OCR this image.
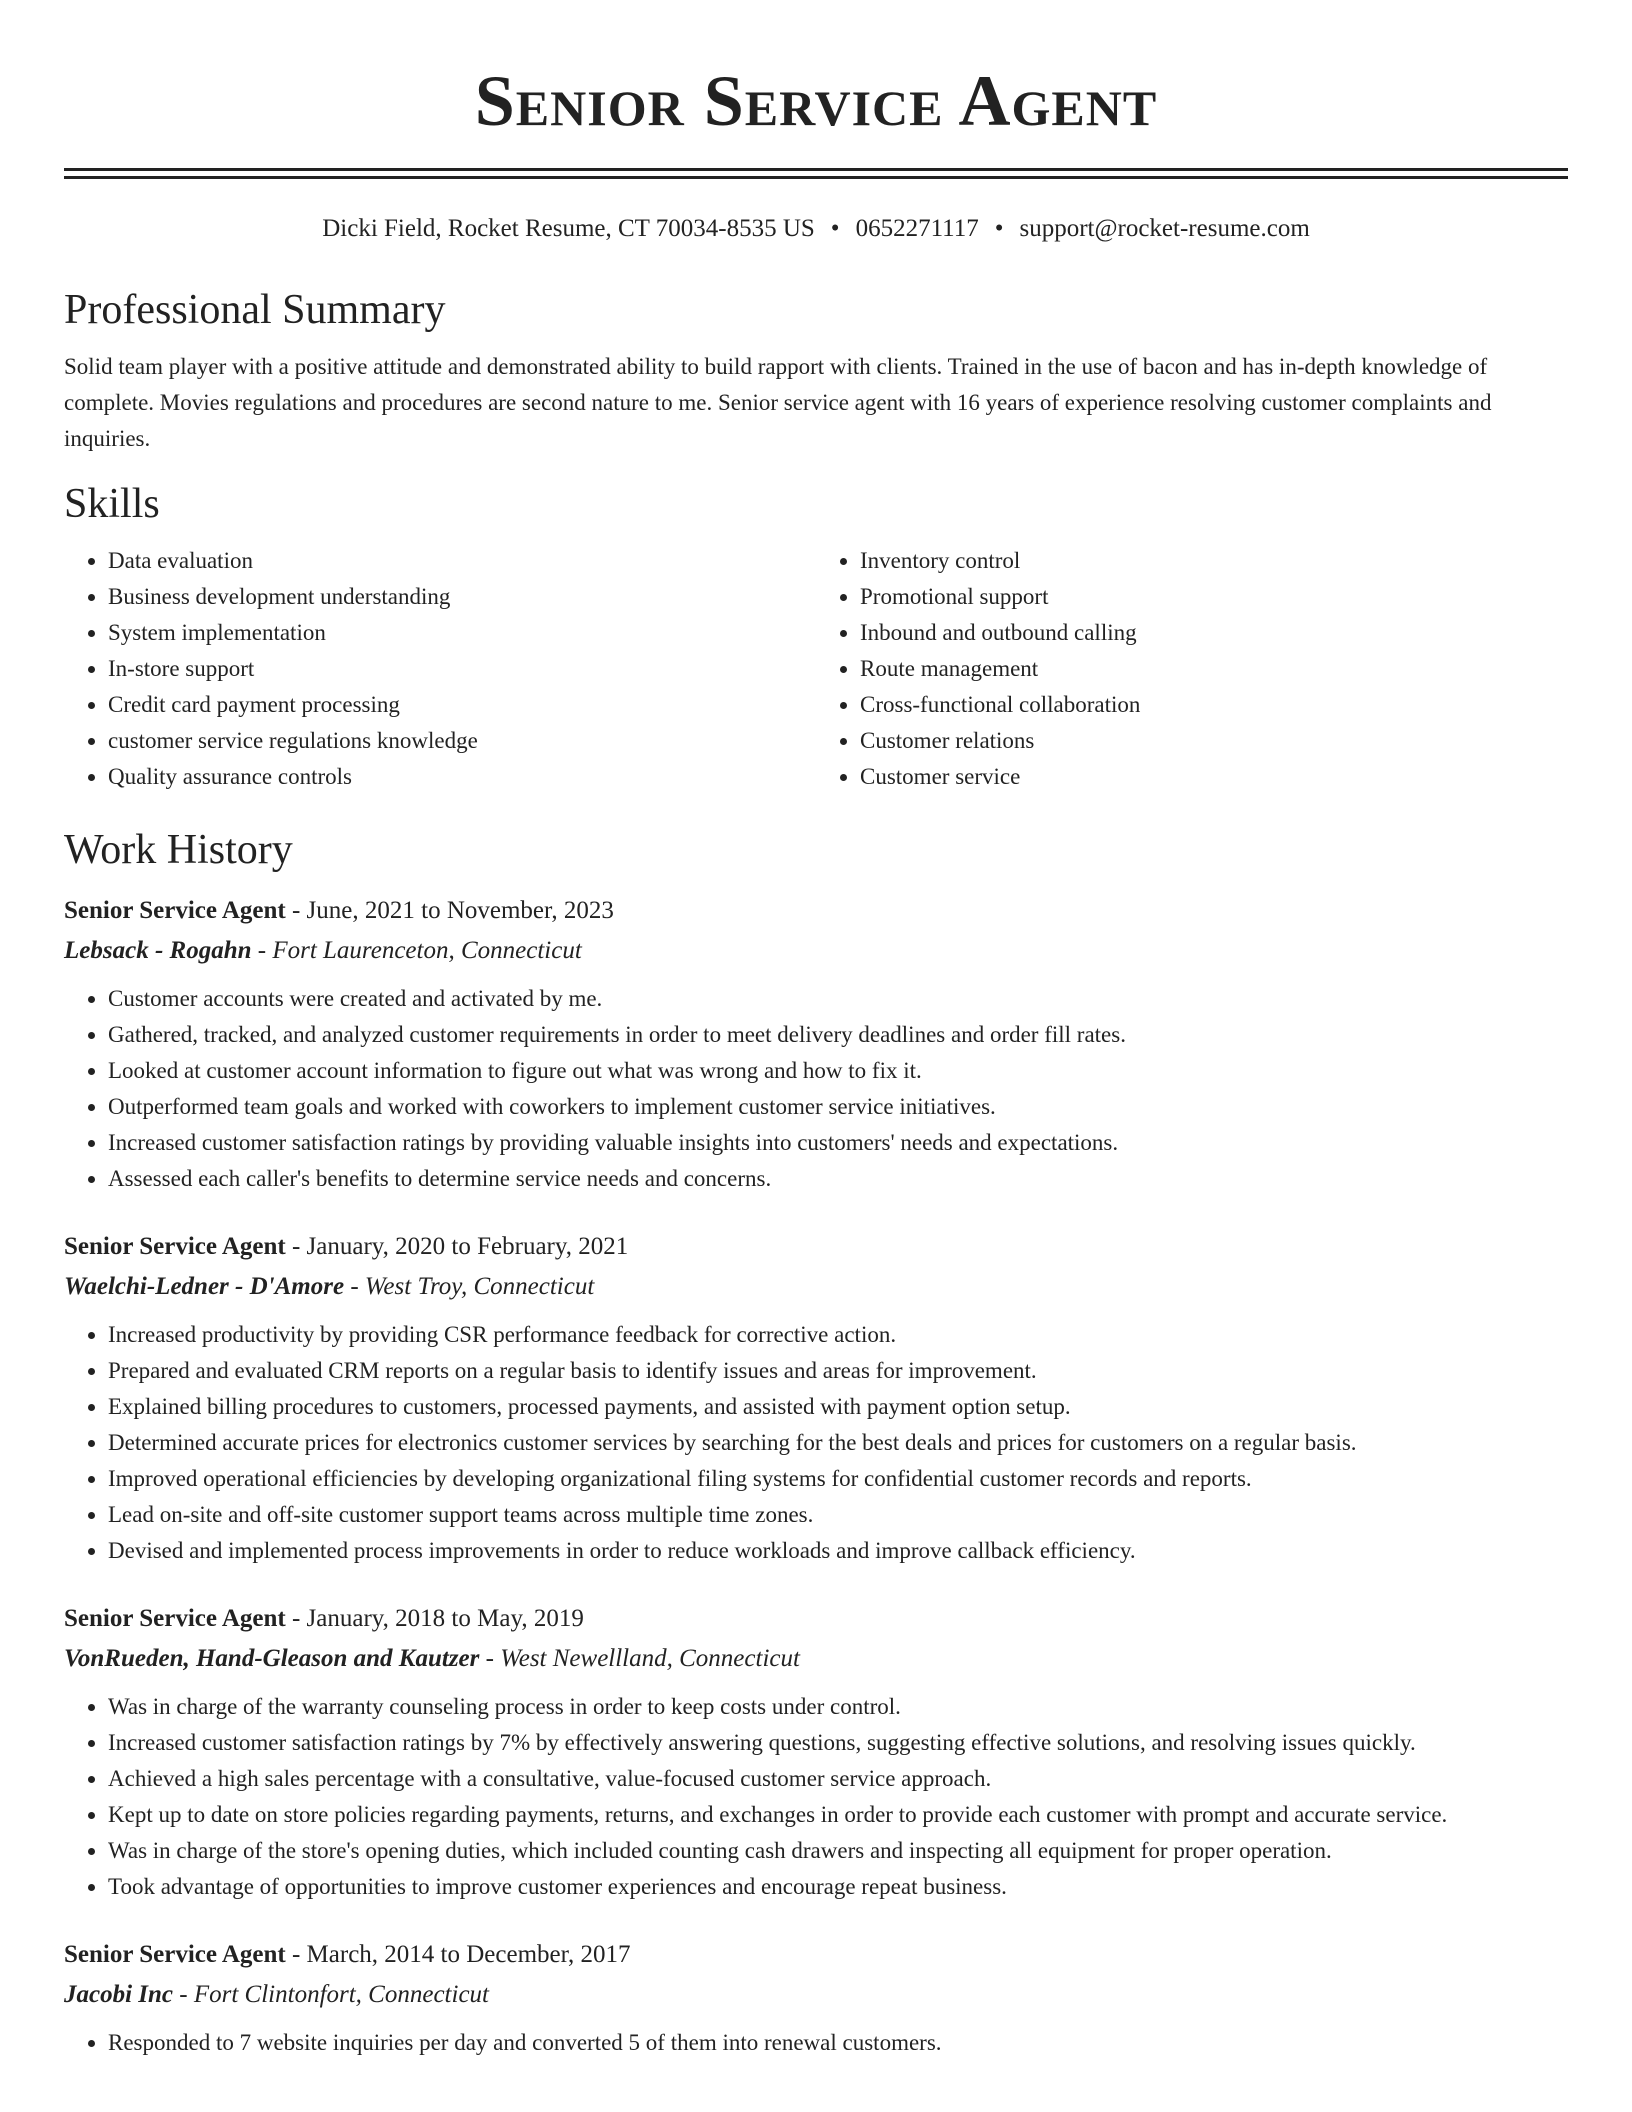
Senior Service Agent
Dicki Field, Rocket Resume, CT 70034-8535 US • 0652271117 • support@rocket-resume.com
Professional Summary

Solid team player with a positive attitude and demonstrated ability to build rapport with clients. Trained in the use of bacon and has in-depth knowledge of complete. Movies regulations and procedures are second nature to me. Senior service agent with 16 years of experience resolving customer complaints and inquiries.

Skills
• Data evaluation
• Business development understanding
• System implementation
• In-store support
• Credit card payment processing
• customer service regulations knowledge
• Quality assurance controls
• Inventory control
• Promotional support
• Inbound and outbound calling
• Route management
• Cross-functional collaboration
• Customer relations
• Customer service
Work History
Senior Service Agent - June, 2021 to November, 2023
Lebsack - Rogahn - Fort Laurenceton, Connecticut
• Customer accounts were created and activated by me.
• Gathered, tracked, and analyzed customer requirements in order to meet delivery deadlines and order fill rates.
• Looked at customer account information to figure out what was wrong and how to fix it.
• Outperformed team goals and worked with coworkers to implement customer service initiatives.
• Increased customer satisfaction ratings by providing valuable insights into customers' needs and expectations.
• Assessed each caller's benefits to determine service needs and concerns.
Senior Service Agent - January, 2020 to February, 2021
Waelchi-Ledner - D'Amore - West Troy, Connecticut
• Increased productivity by providing CSR performance feedback for corrective action.
• Prepared and evaluated CRM reports on a regular basis to identify issues and areas for improvement.
• Explained billing procedures to customers, processed payments, and assisted with payment option setup.
• Determined accurate prices for electronics customer services by searching for the best deals and prices for customers on a regular basis.
• Improved operational efficiencies by developing organizational filing systems for confidential customer records and reports.
• Lead on-site and off-site customer support teams across multiple time zones.
• Devised and implemented process improvements in order to reduce workloads and improve callback efficiency.
Senior Service Agent - January, 2018 to May, 2019
VonRueden, Hand-Gleason and Kautzer - West Newellland, Connecticut
• Was in charge of the warranty counseling process in order to keep costs under control.
• Increased customer satisfaction ratings by 7% by effectively answering questions, suggesting effective solutions, and resolving issues quickly.
• Achieved a high sales percentage with a consultative, value-focused customer service approach.
• Kept up to date on store policies regarding payments, returns, and exchanges in order to provide each customer with prompt and accurate service.
• Was in charge of the store's opening duties, which included counting cash drawers and inspecting all equipment for proper operation.
• Took advantage of opportunities to improve customer experiences and encourage repeat business.
Senior Service Agent - March, 2014 to December, 2017
Jacobi Inc - Fort Clintonfort, Connecticut
• Responded to 7 website inquiries per day and converted 5 of them into renewal customers.
